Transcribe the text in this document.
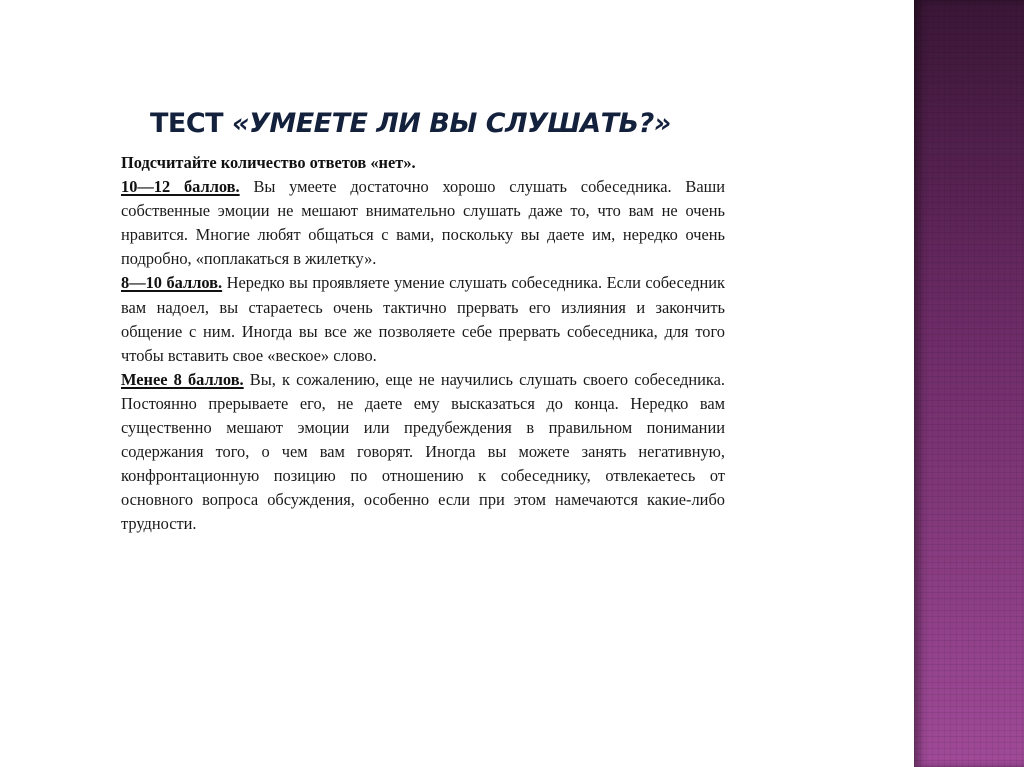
ТЕСТ «УМЕЕТЕ ЛИ ВЫ СЛУШАТЬ?»

Подсчитайте количество ответов «нет».

10—12 баллов. Вы умеете достаточно хорошо слушать собеседника. Ваши собственные эмоции не мешают внимательно слушать даже то, что вам не очень нравится. Многие любят общаться с вами, поскольку вы даете им, нередко очень подробно, «поплакаться в жилетку».

8—10 баллов. Нередко вы проявляете умение слушать собеседника. Если собеседник вам надоел, вы стараетесь очень тактично прервать его излияния и закончить общение с ним. Иногда вы все же позволяете себе прервать собеседника, для того чтобы вставить свое «веское» слово.

Менее 8 баллов. Вы, к сожалению, еще не научились слушать своего собеседника. Постоянно прерываете его, не даете ему высказаться до конца. Нередко вам существенно мешают эмоции или предубеждения в правильном понимании содержания того, о чем вам говорят. Иногда вы можете занять негативную, конфронтационную позицию по отношению к собеседнику, отвлекаетесь от основного вопроса обсуждения, особенно если при этом намечаются какие-либо трудности.
